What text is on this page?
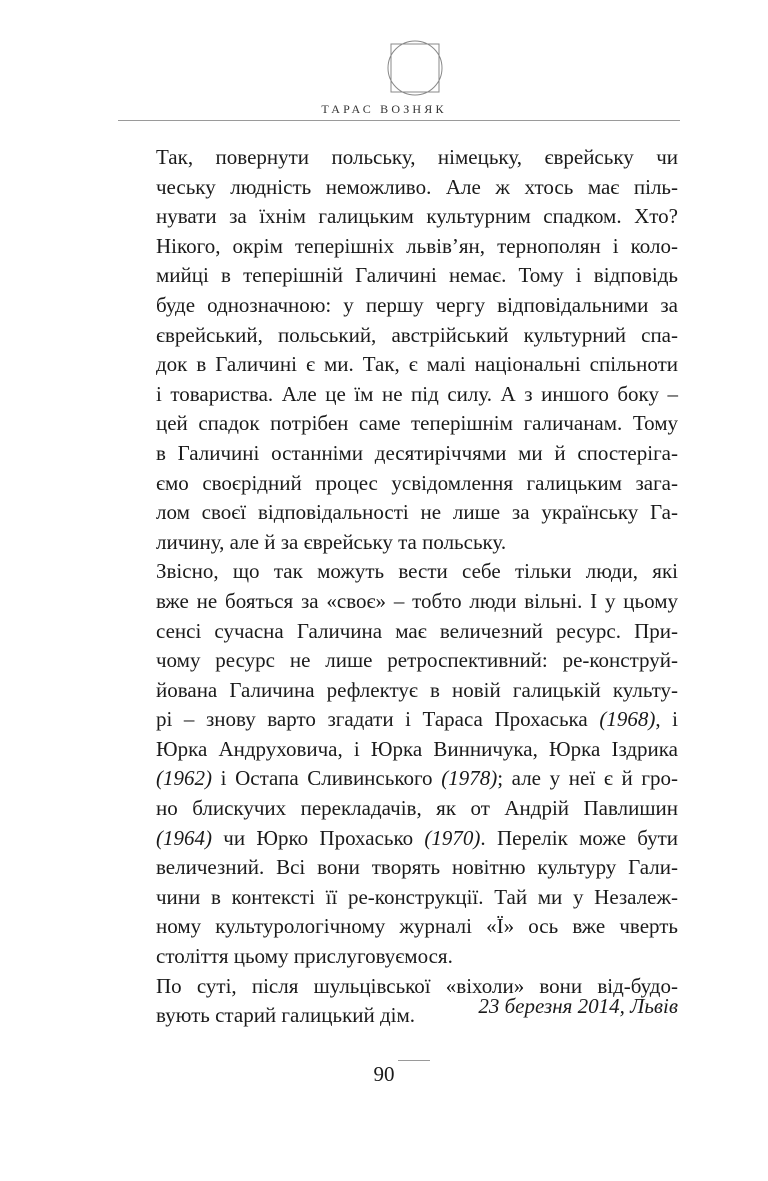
ТАРАС ВОЗНЯК

Так, повернути польську, німецьку, єврейську чи
чеську людність неможливо. Але ж хтось має піль-
нувати за їхнім галицьким культурним спадком. Хто?
Нікого, окрім теперішніх львів’ян, тернополян і коло-
мийці в теперішній Галичині немає. Тому і відповідь
буде однозначною: у першу чергу відповідальними за
єврейський, польський, австрійський культурний спа-
док в Галичині є ми. Так, є малі національні спільноти
і товариства. Але це їм не під силу. А з иншого боку –
цей спадок потрібен саме теперішнім галичанам. Тому
в Галичині останніми десятиріччями ми й спостеріга-
ємо своєрідний процес усвідомлення галицьким зага-
лом своєї відповідальності не лише за українську Га-
личину, але й за єврейську та польську.

Звісно, що так можуть вести себе тільки люди, які
вже не бояться за «своє» – тобто люди вільні. І у цьому
сенсі сучасна Галичина має величезний ресурс. При-
чому ресурс не лише ретроспективний: ре-конструй-
йована Галичина рефлектує в новій галицькій культу-
рі – знову варто згадати і Тараса Прохаська (1968), і
Юрка Андруховича, і Юрка Винничука, Юрка Іздрика
(1962) і Остапа Сливинського (1978); але у неї є й гро-
но блискучих перекладачів, як от Андрій Павлишин
(1964) чи Юрко Прохасько (1970). Перелік може бути
величезний. Всі вони творять новітню культуру Гали-
чини в контексті її ре-конструкції. Тай ми у Незалеж-
ному культурологічному журналі «Ї» ось вже чверть
століття цьому прислуговуємося.

По суті, після шульцівської «віхоли» вони від-будо-
вують старий галицький дім.	23 березня 2014, Львів
90
